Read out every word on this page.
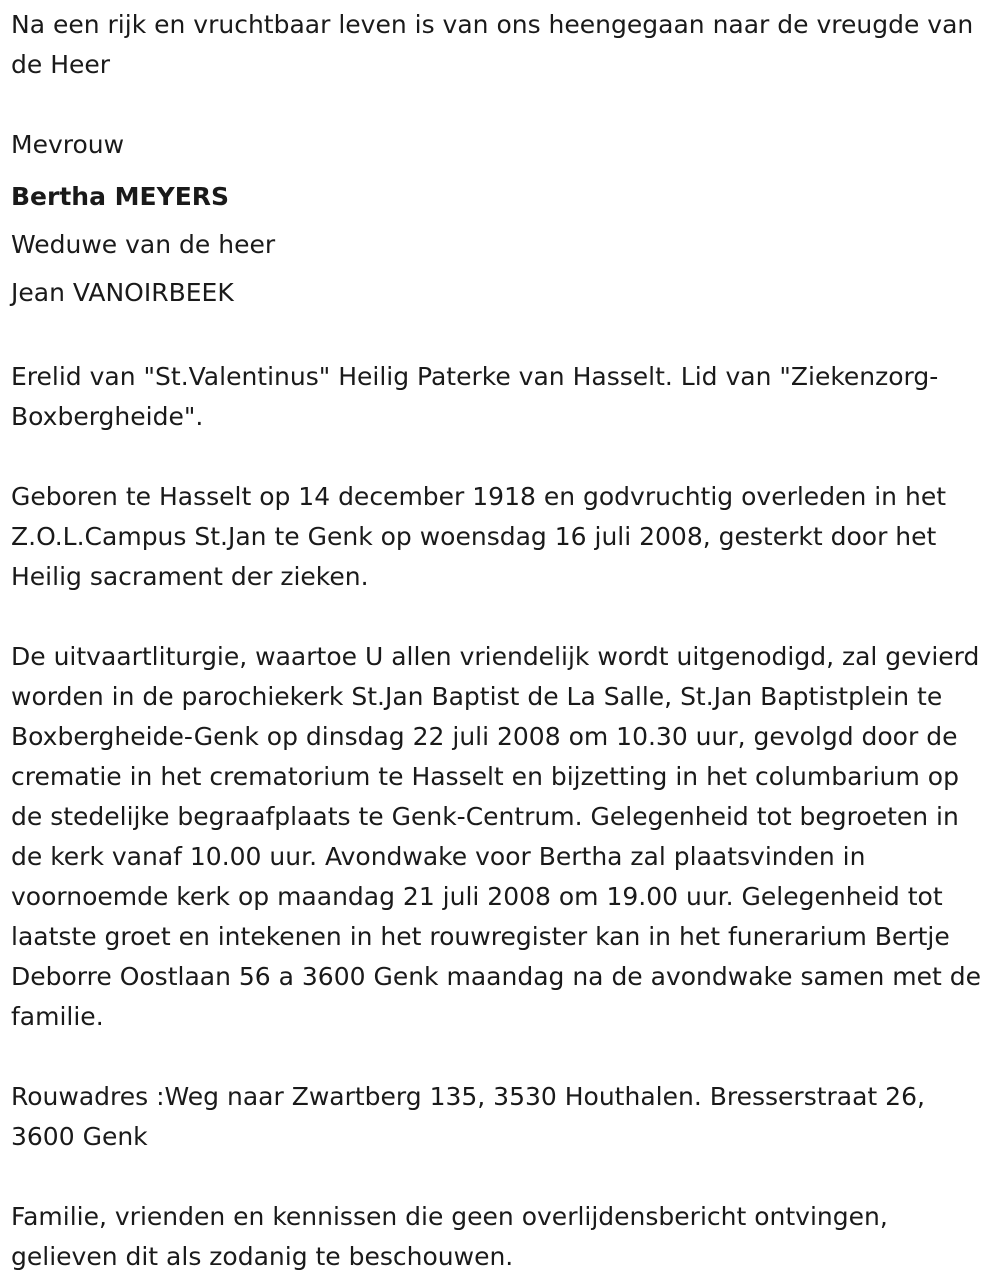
Na een rijk en vruchtbaar leven is van ons heengegaan naar de vreugde van de Heer

Mevrouw

Bertha MEYERS

Weduwe van de heer

Jean VANOIRBEEK

Erelid van "St.Valentinus" Heilig Paterke van Hasselt. Lid van "Ziekenzorg-Boxbergheide".

Geboren te Hasselt op 14 december 1918 en godvruchtig overleden in het Z.O.L.Campus St.Jan te Genk op woensdag 16 juli 2008, gesterkt door het Heilig sacrament der zieken.

De uitvaartliturgie, waartoe U allen vriendelijk wordt uitgenodigd, zal gevierd worden in de parochiekerk St.Jan Baptist de La Salle, St.Jan Baptistplein te Boxbergheide-Genk op dinsdag 22 juli 2008 om 10.30 uur, gevolgd door de crematie in het crematorium te Hasselt en bijzetting in het columbarium op de stedelijke begraafplaats te Genk-Centrum. Gelegenheid tot begroeten in de kerk vanaf 10.00 uur. Avondwake voor Bertha zal plaatsvinden in voornoemde kerk op maandag 21 juli 2008 om 19.00 uur. Gelegenheid tot laatste groet en intekenen in het rouwregister kan in het funerarium Bertje Deborre Oostlaan 56 a 3600 Genk maandag na de avondwake samen met de familie.

Rouwadres :Weg naar Zwartberg 135, 3530 Houthalen. Bresserstraat 26, 3600 Genk

Familie, vrienden en kennissen die geen overlijdensbericht ontvingen, gelieven dit als zodanig te beschouwen.
